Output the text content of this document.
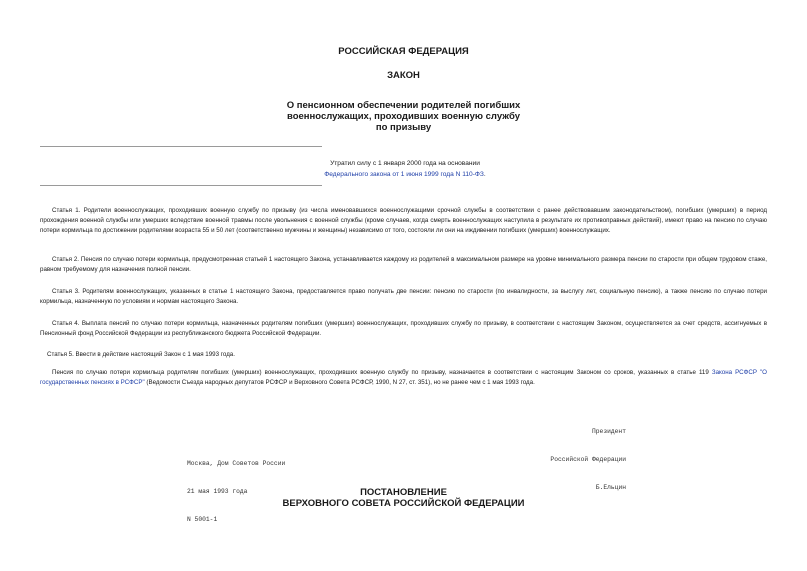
РОССИЙСКАЯ ФЕДЕРАЦИЯ
ЗАКОН
О пенсионном обеспечении родителей погибших
военнослужащих, проходивших военную службу
по призыву
Утратил силу с 1 января 2000 года на основании
Федерального закона от 1 июня 1999 года N 110-ФЗ.

Статья 1. Родители военнослужащих, проходивших военную службу по призыву (из числа именовавшихся военнослужащими срочной службы в соответствии с ранее действовавшим законодательством), погибших (умерших) в период прохождения военной службы или умерших вследствие военной травмы после увольнения с военной службы (кроме случаев, когда смерть военнослужащих наступила в результате их противоправных действий), имеют право на пенсию по случаю потери кормильца по достижении родителями возраста 55 и 50 лет (соответственно мужчины и женщины) независимо от того, состояли ли они на иждивении погибших (умерших) военнослужащих.

Статья 2. Пенсия по случаю потери кормильца, предусмотренная статьей 1 настоящего Закона, устанавливается каждому из родителей в максимальном размере на уровне минимального размера пенсии по старости при общем трудовом стаже, равном требуемому для назначения полной пенсии.

Статья 3. Родителям военнослужащих, указанных в статье 1 настоящего Закона, предоставляется право получать две пенсии: пенсию по старости (по инвалидности, за выслугу лет, социальную пенсию), а также пенсию по случаю потери кормильца, назначенную по условиям и нормам настоящего Закона.

Статья 4. Выплата пенсий по случаю потери кормильца, назначенных родителям погибших (умерших) военнослужащих, проходивших службу по призыву, в соответствии с настоящим Законом, осуществляется за счет средств, ассигнуемых в Пенсионный фонд Российской Федерации из республиканского бюджета Российской Федерации.

Статья 5. Ввести в действие настоящий Закон с 1 мая 1993 года.

Пенсия по случаю потери кормильца родителям погибших (умерших) военнослужащих, проходивших военную службу по призыву, назначается в соответствии с настоящим Законом со сроков, указанных в статье 119 Закона РСФСР "О государственных пенсиях в РСФСР" (Ведомости Съезда народных депутатов РСФСР и Верховного Совета РСФСР, 1990, N 27, ст. 351), но не ранее чем с 1 мая 1993 года.

Президент

Российской Федерации

Б.Ельцин

Москва, Дом Советов России

21 мая 1993 года

N 5001-1

ПОСТАНОВЛЕНИЕ
ВЕРХОВНОГО СОВЕТА РОССИЙСКОЙ ФЕДЕРАЦИИ
